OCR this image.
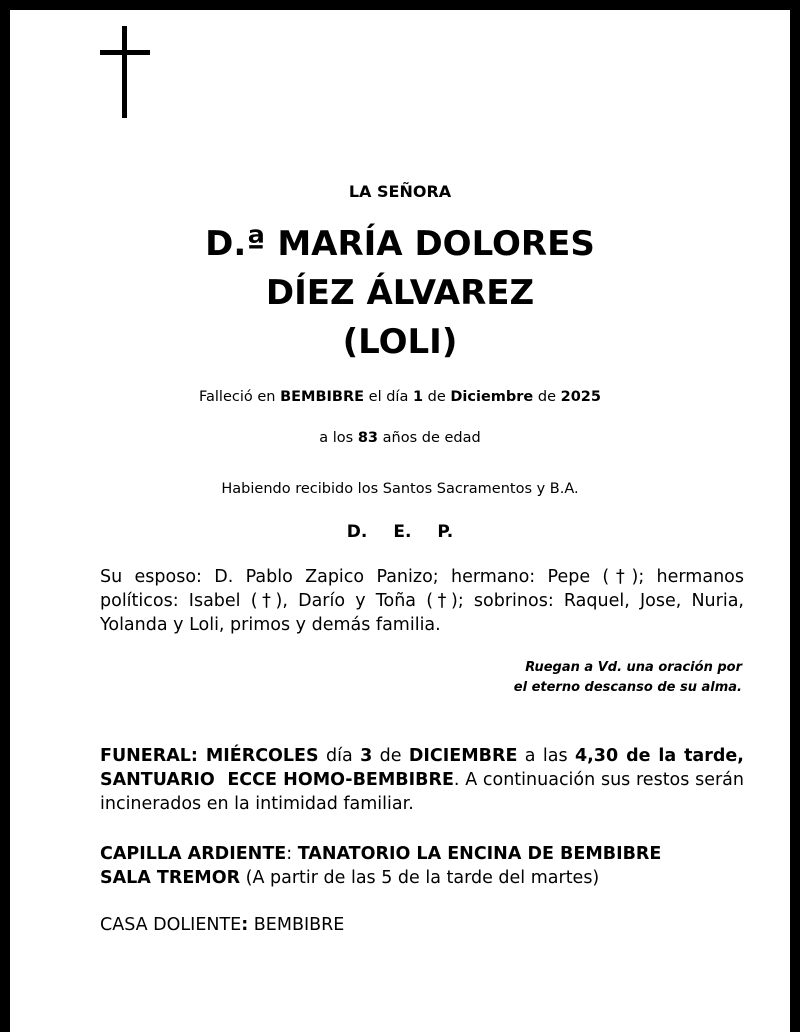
LA SEÑORA
D.ª MARÍA DOLORES
DÍEZ ÁLVAREZ
(LOLI)
Falleció en BEMBIBRE el día 1 de Diciembre de 2025
a los 83 años de edad
Habiendo recibido los Santos Sacramentos y B.A.
D. E. P.
Su esposo: D. Pablo Zapico Panizo; hermano: Pepe (†); hermanos políticos: Isabel (†), Darío y Toña (†); sobrinos: Raquel, Jose, Nuria, Yolanda y Loli, primos y demás familia.
Ruegan a Vd. una oración por
el eterno descanso de su alma.
FUNERAL: MIÉRCOLES día 3 de DICIEMBRE a las 4,30 de la tarde, SANTUARIO  ECCE HOMO-BEMBIBRE. A continuación sus restos serán incinerados en la intimidad familiar.
CAPILLA ARDIENTE: TANATORIO LA ENCINA DE BEMBIBRE
SALA TREMOR (A partir de las 5 de la tarde del martes)
CASA DOLIENTE: BEMBIBRE
